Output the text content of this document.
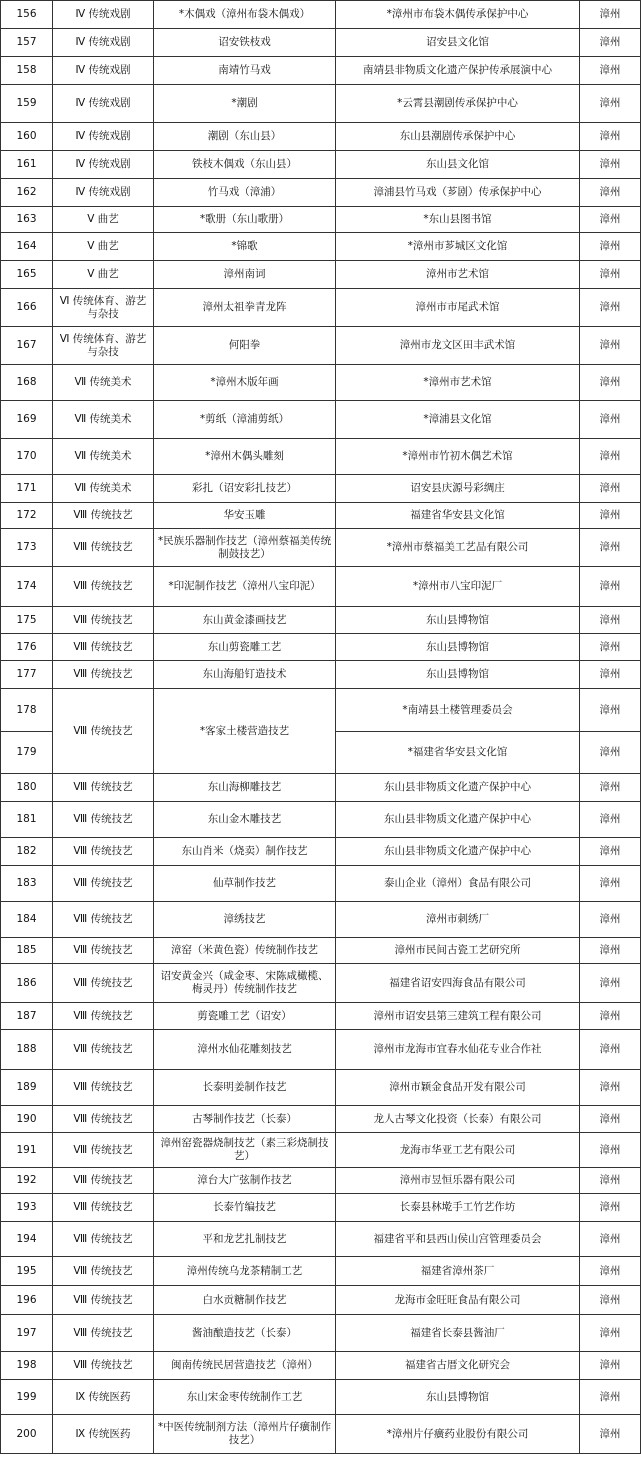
156	Ⅳ 传统戏剧	*木偶戏（漳州布袋木偶戏）	*漳州市布袋木偶传承保护中心	漳州
157	Ⅳ 传统戏剧	诏安铁枝戏	诏安县文化馆	漳州
158	Ⅳ 传统戏剧	南靖竹马戏	南靖县非物质文化遗产保护传承展演中心	漳州
159	Ⅳ 传统戏剧	*潮剧	*云霄县潮剧传承保护中心	漳州
160	Ⅳ 传统戏剧	潮剧（东山县）	东山县潮剧传承保护中心	漳州
161	Ⅳ 传统戏剧	铁枝木偶戏（东山县）	东山县文化馆	漳州
162	Ⅳ 传统戏剧	竹马戏（漳浦）	漳浦县竹马戏（芗剧）传承保护中心	漳州
163	Ⅴ 曲艺	*歌册（东山歌册）	*东山县图书馆	漳州
164	Ⅴ 曲艺	*锦歌	*漳州市芗城区文化馆	漳州
165	Ⅴ 曲艺	漳州南词	漳州市艺术馆	漳州
166	Ⅵ 传统体育、游艺与杂技	漳州太祖拳青龙阵	漳州市市尾武术馆	漳州
167	Ⅵ 传统体育、游艺与杂技	何阳拳	漳州市龙文区田丰武术馆	漳州
168	Ⅶ 传统美术	*漳州木版年画	*漳州市艺术馆	漳州
169	Ⅶ 传统美术	*剪纸（漳浦剪纸）	*漳浦县文化馆	漳州
170	Ⅶ 传统美术	*漳州木偶头雕刻	*漳州市竹初木偶艺术馆	漳州
171	Ⅶ 传统美术	彩扎（诏安彩扎技艺）	诏安县庆源号彩绸庄	漳州
172	Ⅷ 传统技艺	华安玉雕	福建省华安县文化馆	漳州
173	Ⅷ 传统技艺	*民族乐器制作技艺（漳州蔡福美传统制鼓技艺）	*漳州市蔡福美工艺品有限公司	漳州
174	Ⅷ 传统技艺	*印泥制作技艺（漳州八宝印泥）	*漳州市八宝印泥厂	漳州
175	Ⅷ 传统技艺	东山黄金漆画技艺	东山县博物馆	漳州
176	Ⅷ 传统技艺	东山剪瓷雕工艺	东山县博物馆	漳州
177	Ⅷ 传统技艺	东山海船钉造技术	东山县博物馆	漳州
178	Ⅷ 传统技艺	*客家土楼营造技艺	*南靖县土楼管理委员会	漳州
179			*福建省华安县文化馆	漳州
180	Ⅷ 传统技艺	东山海柳雕技艺	东山县非物质文化遗产保护中心	漳州
181	Ⅷ 传统技艺	东山金木雕技艺	东山县非物质文化遗产保护中心	漳州
182	Ⅷ 传统技艺	东山肖米（烧卖）制作技艺	东山县非物质文化遗产保护中心	漳州
183	Ⅷ 传统技艺	仙草制作技艺	泰山企业（漳州）食品有限公司	漳州
184	Ⅷ 传统技艺	漳绣技艺	漳州市刺绣厂	漳州
185	Ⅷ 传统技艺	漳窑（米黄色瓷）传统制作技艺	漳州市民间古瓷工艺研究所	漳州
186	Ⅷ 传统技艺	诏安黄金兴（咸金枣、宋陈咸橄榄、梅灵丹）传统制作技艺	福建省诏安四海食品有限公司	漳州
187	Ⅷ 传统技艺	剪瓷雕工艺（诏安）	漳州市诏安县第三建筑工程有限公司	漳州
188	Ⅷ 传统技艺	漳州水仙花雕刻技艺	漳州市龙海市宜春水仙花专业合作社	漳州
189	Ⅷ 传统技艺	长泰明姜制作技艺	漳州市颖金食品开发有限公司	漳州
190	Ⅷ 传统技艺	古琴制作技艺（长泰）	龙人古琴文化投资（长泰）有限公司	漳州
191	Ⅷ 传统技艺	漳州窑瓷器烧制技艺（素三彩烧制技艺）	龙海市华亚工艺有限公司	漳州
192	Ⅷ 传统技艺	漳台大广弦制作技艺	漳州市昱恒乐器有限公司	漳州
193	Ⅷ 传统技艺	长泰竹编技艺	长泰县林墘手工竹艺作坊	漳州
194	Ⅷ 传统技艺	平和龙艺扎制技艺	福建省平和县西山侯山宫管理委员会	漳州
195	Ⅷ 传统技艺	漳州传统乌龙茶精制工艺	福建省漳州茶厂	漳州
196	Ⅷ 传统技艺	白水贡糖制作技艺	龙海市金旺旺食品有限公司	漳州
197	Ⅷ 传统技艺	酱油酿造技艺（长泰）	福建省长泰县酱油厂	漳州
198	Ⅷ 传统技艺	闽南传统民居营造技艺（漳州）	福建省古厝文化研究会	漳州
199	Ⅸ 传统医药	东山宋金枣传统制作工艺	东山县博物馆	漳州
200	Ⅸ 传统医药	*中医传统制剂方法（漳州片仔癀制作技艺）	*漳州片仔癀药业股份有限公司	漳州
